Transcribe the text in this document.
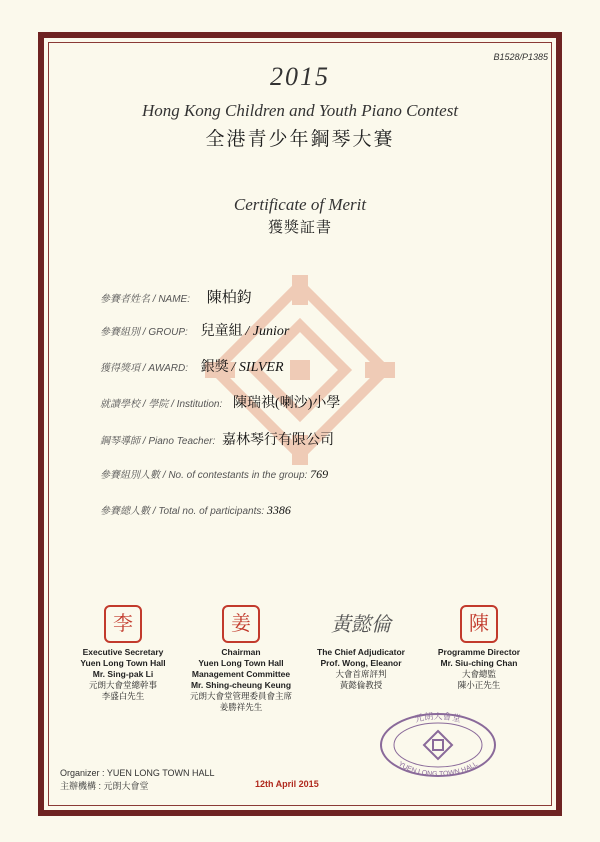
B1528/P1385
2015
Hong Kong Children and Youth Piano Contest
全港青少年鋼琴大賽
Certificate of Merit
獲獎証書
參賽者姓名 / NAME: 陳柏鈞
參賽組別 / GROUP: 兒童組 / Junior
獲得獎項 / AWARD: 銀獎 / SILVER
就讀學校 / 學院 / Institution: 陳瑞祺(喇沙)小學
鋼琴導師 / Piano Teacher: 嘉林琴行有限公司
參賽組別人數 / No. of contestants in the group: 769
參賽總人數 / Total no. of participants: 3386
李
Executive Secretary
Yuen Long Town Hall
Mr. Sing-pak Li
元朗大會堂總幹事
李盛白先生
姜
Chairman
Yuen Long Town Hall
Management Committee
Mr. Shing-cheung Keung
元朗大會堂管理委員會主席
姜勝祥先生
黃懿倫
The Chief Adjudicator
Prof. Wong, Eleanor
大會首席評判
黃懿倫教授
陳
Programme Director
Mr. Siu-ching Chan
大會總監
陳小正先生
元朗大會堂
YUEN LONG TOWN HALL
Organizer : YUEN LONG TOWN HALL
主辦機構 : 元朗大會堂	12th April 2015
